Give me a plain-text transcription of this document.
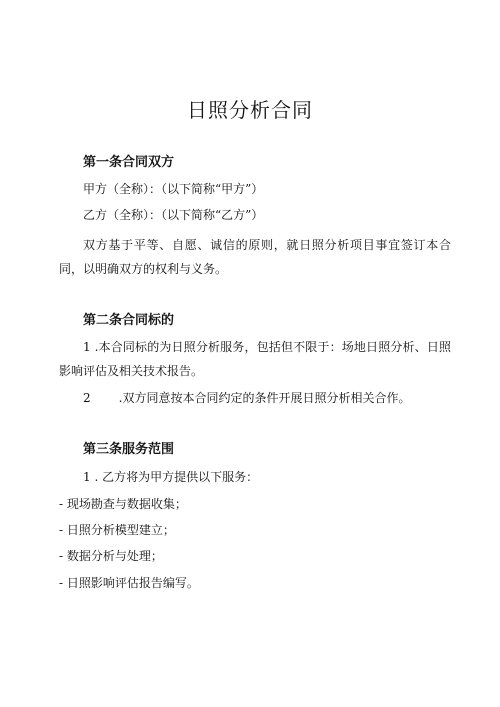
日照分析合同
第一条合同双方
甲方（全称）：（以下简称“甲方”）
乙方（全称）：（以下简称“乙方”）
双方基于平等、自愿、诚信的原则，就日照分析项目事宜签订本合同，以明确双方的权利与义务。
第二条合同标的
1 .本合同标的为日照分析服务，包括但不限于：场地日照分析、日照影响评估及相关技术报告。
2 .双方同意按本合同约定的条件开展日照分析相关合作。
第三条服务范围
1 . 乙方将为甲方提供以下服务：
- 现场勘查与数据收集；
- 日照分析模型建立；
- 数据分析与处理；
- 日照影响评估报告编写。
